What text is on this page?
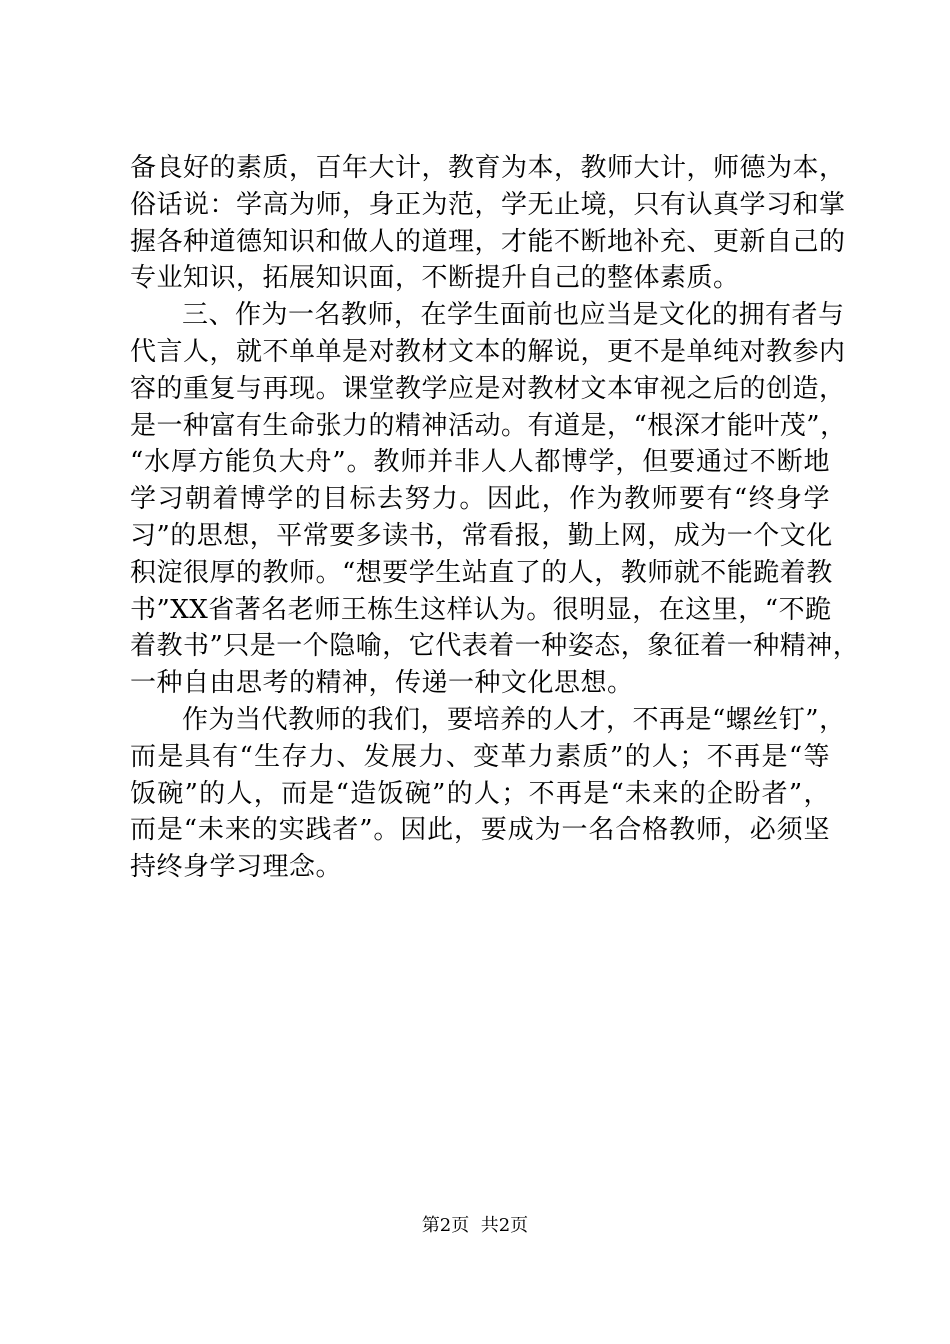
备良好的素质，百年大计，教育为本，教师大计，师德为本，
俗话说：学高为师，身正为范，学无止境，只有认真学习和掌
握各种道德知识和做人的道理，才能不断地补充、更新自己的
专业知识，拓展知识面，不断提升自己的整体素质。
三、作为一名教师，在学生面前也应当是文化的拥有者与
代言人，就不单单是对教材文本的解说，更不是单纯对教参内
容的重复与再现。课堂教学应是对教材文本审视之后的创造，
是一种富有生命张力的精神活动。有道是，“根深才能叶茂”，
“水厚方能负大舟”。教师并非人人都博学，但要通过不断地
学习朝着博学的目标去努力。因此，作为教师要有“终身学
习”的思想，平常要多读书，常看报，勤上网，成为一个文化
积淀很厚的教师。“想要学生站直了的人，教师就不能跪着教
书”XX省著名老师王栋生这样认为。很明显，在这里，“不跪
着教书”只是一个隐喻，它代表着一种姿态，象征着一种精神，
一种自由思考的精神，传递一种文化思想。
作为当代教师的我们，要培养的人才，不再是“螺丝钉”，
而是具有“生存力、发展力、变革力素质”的人；不再是“等
饭碗”的人，而是“造饭碗”的人；不再是“未来的企盼者”，
而是“未来的实践者”。因此，要成为一名合格教师，必须坚
持终身学习理念。
第2页 共2页
